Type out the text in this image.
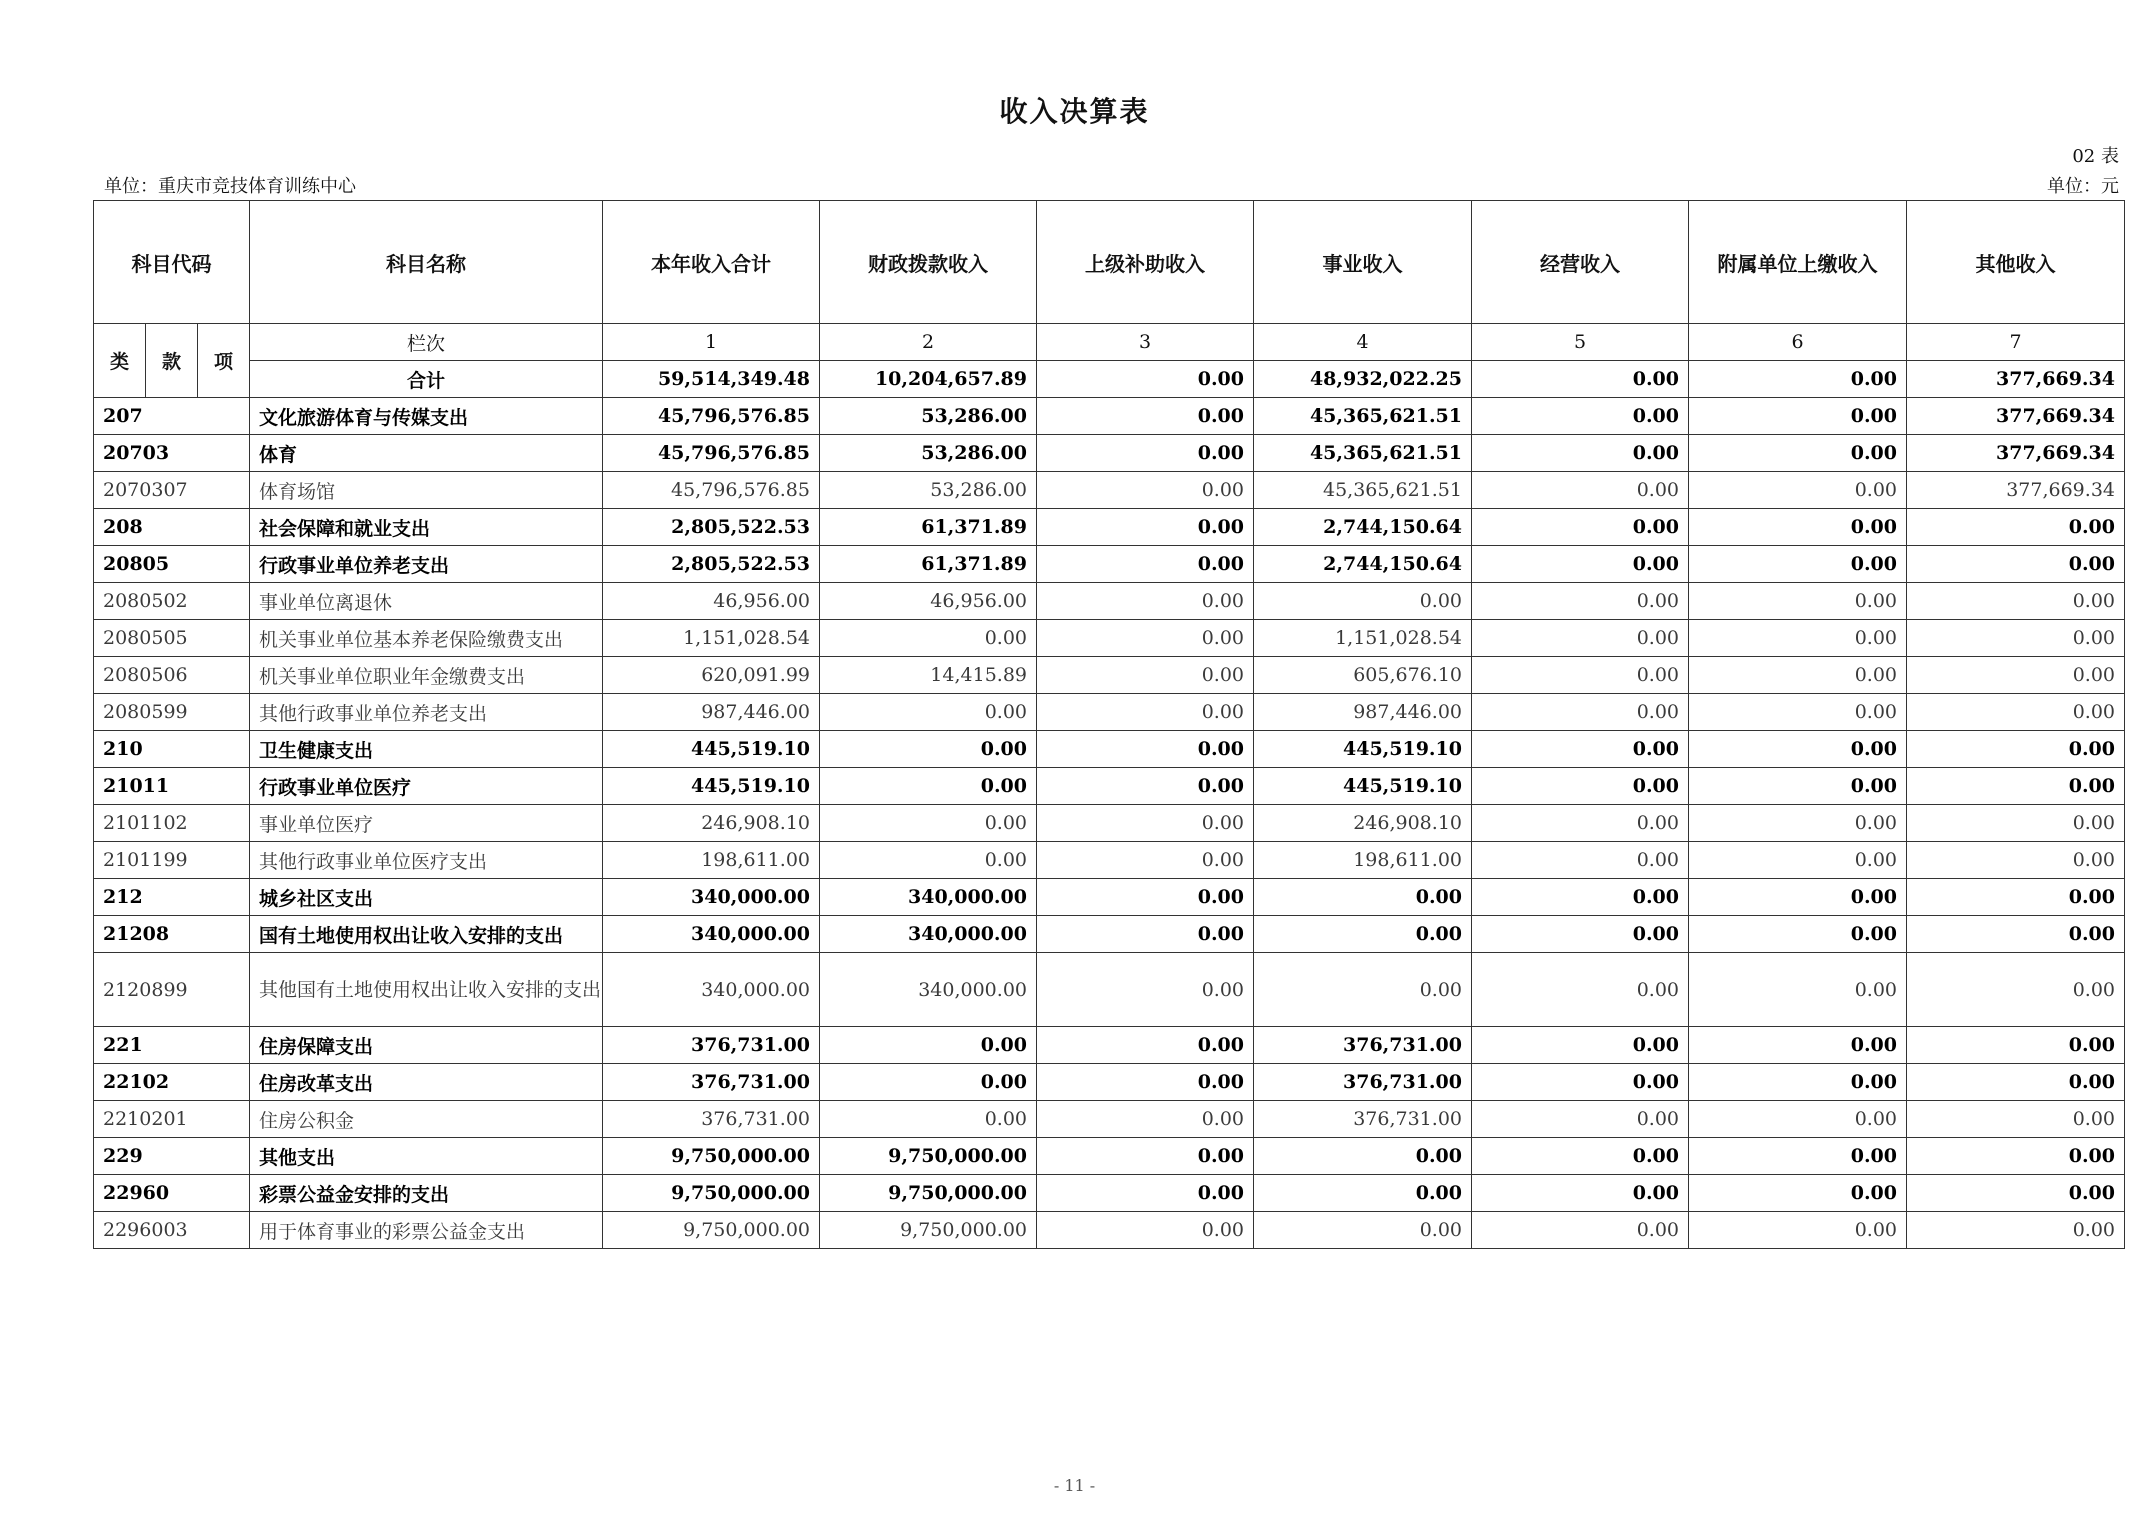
收入决算表
02 表
单位：重庆市竞技体育训练中心	单位：元
科目代码			科目名称	本年收入合计	财政拨款收入	上级补助收入	事业收入	经营收入	附属单位上缴收入	其他收入
类	款	项	栏次	1	2	3	4	5	6	7
			合计	59,514,349.48	10,204,657.89	0.00	48,932,022.25	0.00	0.00	377,669.34
207			文化旅游体育与传媒支出	45,796,576.85	53,286.00	0.00	45,365,621.51	0.00	0.00	377,669.34
20703			体育	45,796,576.85	53,286.00	0.00	45,365,621.51	0.00	0.00	377,669.34
2070307			体育场馆	45,796,576.85	53,286.00	0.00	45,365,621.51	0.00	0.00	377,669.34
208			社会保障和就业支出	2,805,522.53	61,371.89	0.00	2,744,150.64	0.00	0.00	0.00
20805			行政事业单位养老支出	2,805,522.53	61,371.89	0.00	2,744,150.64	0.00	0.00	0.00
2080502			事业单位离退休	46,956.00	46,956.00	0.00	0.00	0.00	0.00	0.00
2080505			机关事业单位基本养老保险缴费支出	1,151,028.54	0.00	0.00	1,151,028.54	0.00	0.00	0.00
2080506			机关事业单位职业年金缴费支出	620,091.99	14,415.89	0.00	605,676.10	0.00	0.00	0.00
2080599			其他行政事业单位养老支出	987,446.00	0.00	0.00	987,446.00	0.00	0.00	0.00
210			卫生健康支出	445,519.10	0.00	0.00	445,519.10	0.00	0.00	0.00
21011			行政事业单位医疗	445,519.10	0.00	0.00	445,519.10	0.00	0.00	0.00
2101102			事业单位医疗	246,908.10	0.00	0.00	246,908.10	0.00	0.00	0.00
2101199			其他行政事业单位医疗支出	198,611.00	0.00	0.00	198,611.00	0.00	0.00	0.00
212			城乡社区支出	340,000.00	340,000.00	0.00	0.00	0.00	0.00	0.00
21208			国有土地使用权出让收入安排的支出	340,000.00	340,000.00	0.00	0.00	0.00	0.00	0.00
2120899			其他国有土地使用权出让收入安排的支出	340,000.00	340,000.00	0.00	0.00	0.00	0.00	0.00
221			住房保障支出	376,731.00	0.00	0.00	376,731.00	0.00	0.00	0.00
22102			住房改革支出	376,731.00	0.00	0.00	376,731.00	0.00	0.00	0.00
2210201			住房公积金	376,731.00	0.00	0.00	376,731.00	0.00	0.00	0.00
229			其他支出	9,750,000.00	9,750,000.00	0.00	0.00	0.00	0.00	0.00
22960			彩票公益金安排的支出	9,750,000.00	9,750,000.00	0.00	0.00	0.00	0.00	0.00
2296003			用于体育事业的彩票公益金支出	9,750,000.00	9,750,000.00	0.00	0.00	0.00	0.00	0.00
- 11 -
